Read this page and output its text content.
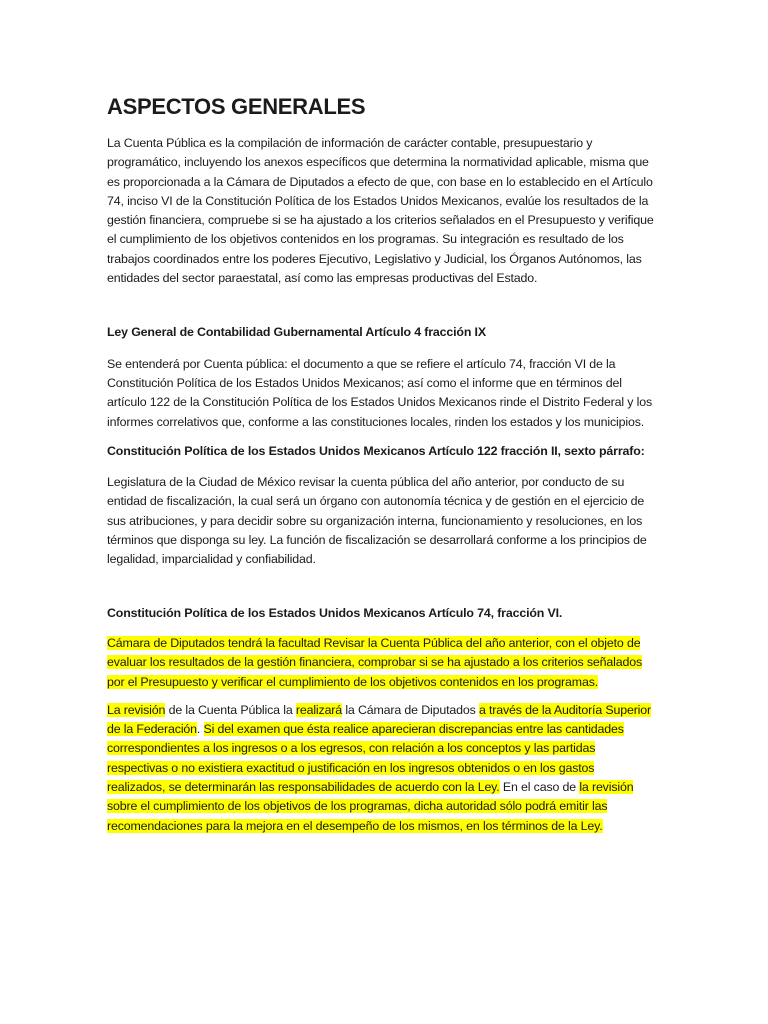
ASPECTOS GENERALES

La Cuenta Pública es la compilación de información de carácter contable, presupuestario y programático, incluyendo los anexos específicos que determina la normatividad aplicable, misma que es proporcionada a la Cámara de Diputados a efecto de que, con base en lo establecido en el Artículo 74, inciso VI de la Constitución Política de los Estados Unidos Mexicanos, evalúe los resultados de la gestión financiera, compruebe si se ha ajustado a los criterios señalados en el Presupuesto y verifique el cumplimiento de los objetivos contenidos en los programas. Su integración es resultado de los trabajos coordinados entre los poderes Ejecutivo, Legislativo y Judicial, los Órganos Autónomos, las entidades del sector paraestatal, así como las empresas productivas del Estado.

Ley General de Contabilidad Gubernamental Artículo 4 fracción IX

Se entenderá por Cuenta pública: el documento a que se refiere el artículo 74, fracción VI de la Constitución Política de los Estados Unidos Mexicanos; así como el informe que en términos del artículo 122 de la Constitución Política de los Estados Unidos Mexicanos rinde el Distrito Federal y los informes correlativos que, conforme a las constituciones locales, rinden los estados y los municipios.

Constitución Política de los Estados Unidos Mexicanos Artículo 122 fracción II, sexto párrafo:

Legislatura de la Ciudad de México revisar la cuenta pública del año anterior, por conducto de su entidad de fiscalización, la cual será un órgano con autonomía técnica y de gestión en el ejercicio de sus atribuciones, y para decidir sobre su organización interna, funcionamiento y resoluciones, en los términos que disponga su ley. La función de fiscalización se desarrollará conforme a los principios de legalidad, imparcialidad y confiabilidad.

Constitución Política de los Estados Unidos Mexicanos Artículo 74, fracción VI.

Cámara de Diputados tendrá la facultad Revisar la Cuenta Pública del año anterior, con el objeto de evaluar los resultados de la gestión financiera, comprobar si se ha ajustado a los criterios señalados por el Presupuesto y verificar el cumplimiento de los objetivos contenidos en los programas.

La revisión de la Cuenta Pública la realizará la Cámara de Diputados a través de la Auditoría Superior de la Federación. Si del examen que ésta realice aparecieran discrepancias entre las cantidades correspondientes a los ingresos o a los egresos, con relación a los conceptos y las partidas respectivas o no existiera exactitud o justificación en los ingresos obtenidos o en los gastos realizados, se determinarán las responsabilidades de acuerdo con la Ley. En el caso de la revisión sobre el cumplimiento de los objetivos de los programas, dicha autoridad sólo podrá emitir las recomendaciones para la mejora en el desempeño de los mismos, en los términos de la Ley.
